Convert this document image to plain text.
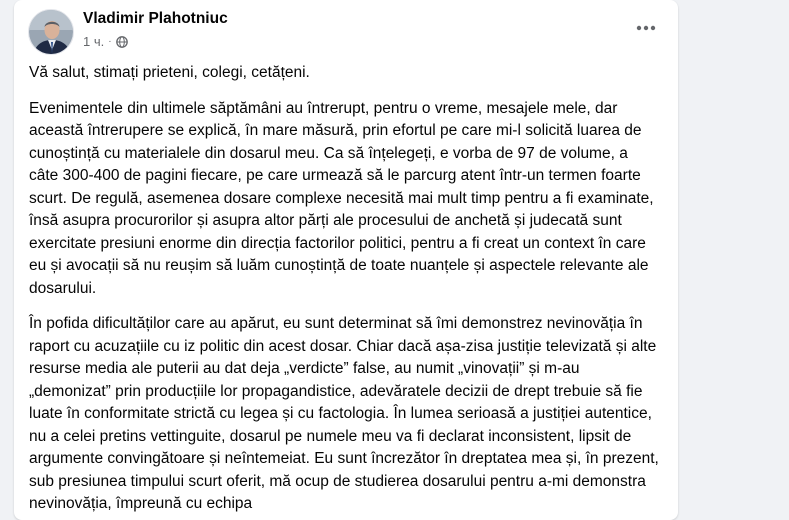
Vladimir Plahotniuc
1 ч. ·

Vă salut, stimați prieteni, colegi, cetățeni.

Evenimentele din ultimele săptămâni au întrerupt, pentru o vreme, mesajele mele, dar această întrerupere se explică, în mare măsură, prin efortul pe care mi-l solicită luarea de cunoștință cu materialele din dosarul meu. Ca să înțelegeți, e vorba de 97 de volume, a câte 300-400 de pagini fiecare, pe care urmează să le parcurg atent într-un termen foarte scurt. De regulă, asemenea dosare complexe necesită mai mult timp pentru a fi examinate, însă asupra procurorilor și asupra altor părți ale procesului de anchetă și judecată sunt exercitate presiuni enorme din direcția factorilor politici, pentru a fi creat un context în care eu și avocații să nu reușim să luăm cunoștință de toate nuanțele și aspectele relevante ale dosarului.

În pofida dificultăților care au apărut, eu sunt determinat să îmi demonstrez nevinovăția în raport cu acuzațiile cu iz politic din acest dosar. Chiar dacă așa-zisa justiție televizată și alte resurse media ale puterii au dat deja „verdicte” false, au numit „vinovații” și m-au „demonizat” prin producțiile lor propagandistice, adevăratele decizii de drept trebuie să fie luate în conformitate strictă cu legea și cu factologia. În lumea serioasă a justiției autentice, nu a celei pretins vettinguite, dosarul pe numele meu va fi declarat inconsistent, lipsit de argumente convingătoare și neîntemeiat. Eu sunt încrezător în dreptatea mea și, în prezent, sub presiunea timpului scurt oferit, mă ocup de studierea dosarului pentru a-mi demonstra nevinovăția, împreună cu echipa
